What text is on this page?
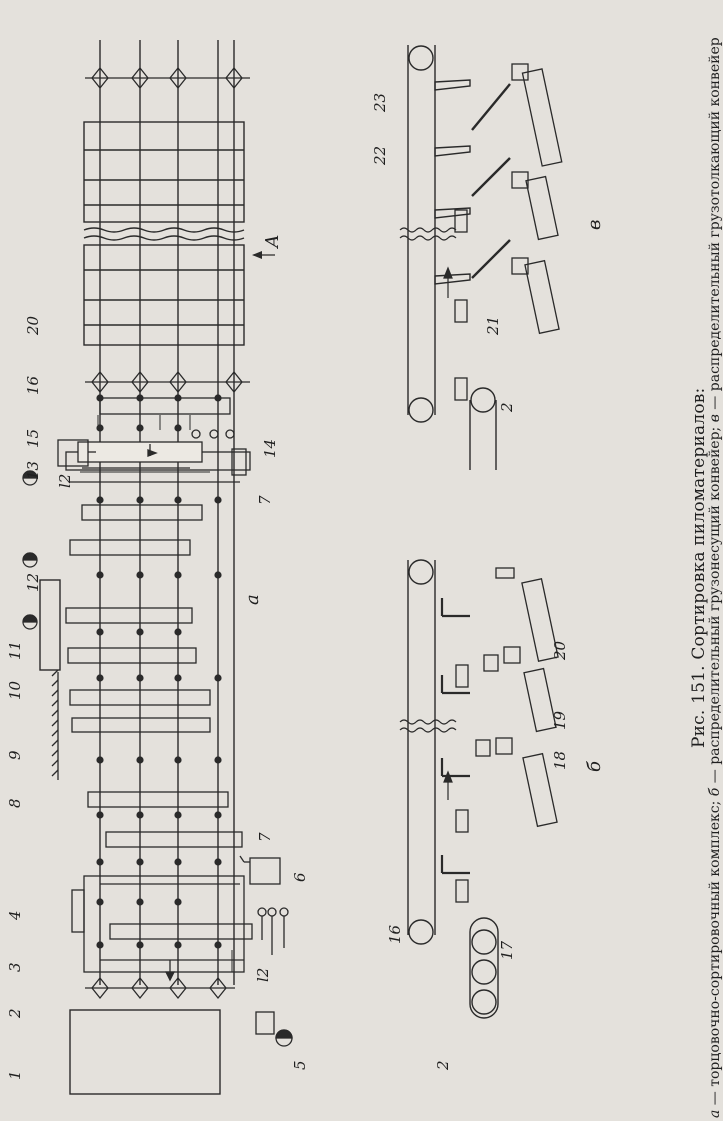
20
16
15
13
12
11
10
9
8
4
3
2
1
14
7
7
6
5
l2
l2
А
а
23
22
21
2
в
16
2
17
18
19
20
б
Рис. 151. Сортировка пиломатериалов:
а — торцовочно-сортировочный комплекс; б — распределительный грузонесущий конвейер; в — распределительный грузотолкающий конвейер
